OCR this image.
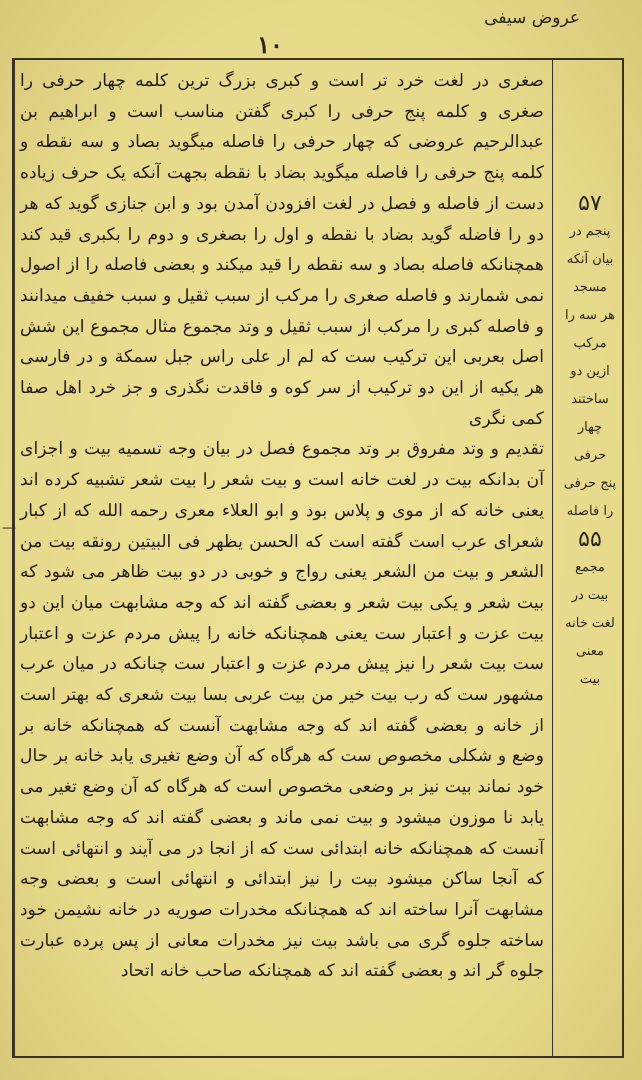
عروض سیفی
۱۰

صغری در لغت خرد تر است و کبری بزرگ ترین کلمه چهار حرفی را صغری و کلمه پنج حرفی را کبری گفتن مناسب است و ابراهیم بن عبدالرحیم عروضی که چهار حرفی را فاصله میگوید بصاد و سه نقطه و کلمه پنج حرفی را فاصله میگوید بضاد با نقطه بجهت آنکه یک حرف زیاده دست از فاصله و فصل در لغت افزودن آمدن بود و ابن جنازی گوید که هر دو را فاضله گوید بضاد با نقطه و اول را بصغری و دوم را بکبری قید کند همچنانکه فاصله بصاد و سه نقطه را قید میکند و بعضی فاصله را از اصول نمی شمارند و فاصله صغری را مرکب از سبب ثقیل و سبب خفیف میدانند و فاصله کبری را مرکب از سبب ثقیل و وتد مجموع مثال مجموع این شش اصل بعربی این ترکیب ست که لم ار علی راس جبل سمکة و در فارسی هر یکیه از این دو ترکیب از سر کوه و فاقدت نگذری و جز خرد اهل صفا کمی نگری

تقدیم و وتد مفروق بر وتد مجموع فصل در بیان وجه تسمیه بیت و اجزای آن بدانکه بیت در لغت خانه است و بیت شعر را بیت شعر تشبیه کرده اند یعنی خانه که از موی و پلاس بود و ابو العلاء معری رحمه الله که از کبار شعرای عرب است گفته است که الحسن یظهر فی البیتین رونقه بیت من الشعر و بیت من الشعر یعنی رواج و خوبی در دو بیت ظاهر می شود که بیت شعر و یکی بیت شعر و بعضی گفته اند که وجه مشابهت میان این دو بیت عزت و اعتبار ست یعنی همچنانکه خانه را پیش مردم عزت و اعتبار ست بیت شعر را نیز پیش مردم عزت و اعتبار ست چنانکه در میان عرب مشهور ست که رب بیت خیر من بیت عربی بسا بیت شعری که بهتر است از خانه و بعضی گفته اند که وجه مشابهت آنست که همچنانکه خانه بر وضع و شکلی مخصوص ست که هرگاه که آن وضع تغیری یابد خانه بر حال خود نماند بیت نیز بر وضعی مخصوص است که هرگاه که آن وضع تغیر می یابد نا موزون میشود و بیت نمی ماند و بعضی گفته اند که وجه مشابهت آنست که همچنانکه خانه ابتدائی ست که از انجا در می آیند و انتهائی است که آنجا ساکن میشود بیت را نیز ابتدائی و انتهائی است و بعضی وجه مشابهت آنرا ساخته اند که همچنانکه مخدرات صوریه در خانه نشیمن خود ساخته جلوه گری می باشد بیت نیز مخدرات معانی از پس پرده عبارت جلوه گر اند و بعضی گفته اند که همچنانکه صاحب خانه اتحاد

۵۷
پنجم در
بیان آنکه
مسجد
هر سه را
مرکب
ازین دو
ساختند
چهار حرفی
پنج حرفی
را فاصله
۵۵
مجمع
بیت در
لغت خانه
معنی
بیت
—
